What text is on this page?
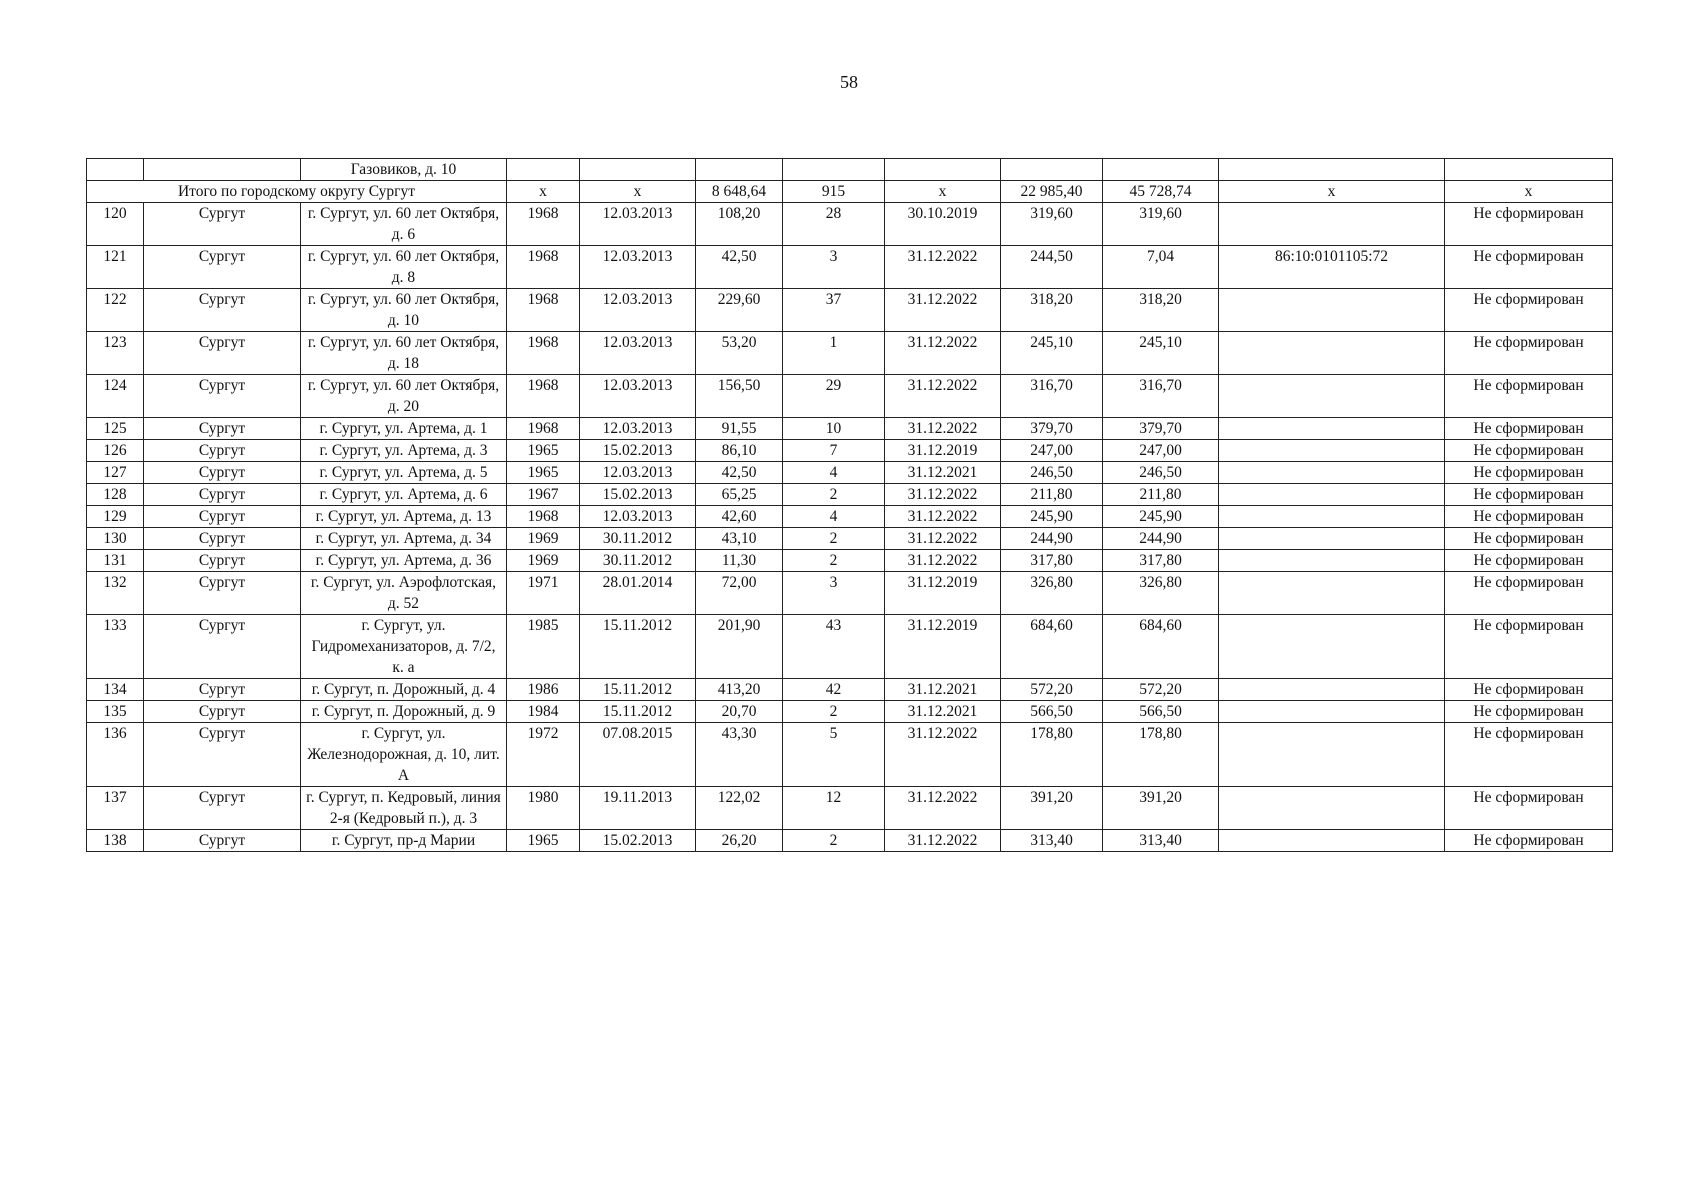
58
		Газовиков, д. 10									
Итого по городскому округу Сургут			х	х	8 648,64	915	х	22 985,40	45 728,74	х	х
120	Сургут	г. Сургут, ул. 60 лет Октября, д. 6	1968	12.03.2013	108,20	28	30.10.2019	319,60	319,60		Не сформирован
121	Сургут	г. Сургут, ул. 60 лет Октября, д. 8	1968	12.03.2013	42,50	3	31.12.2022	244,50	7,04	86:10:0101105:72	Не сформирован
122	Сургут	г. Сургут, ул. 60 лет Октября, д. 10	1968	12.03.2013	229,60	37	31.12.2022	318,20	318,20		Не сформирован
123	Сургут	г. Сургут, ул. 60 лет Октября, д. 18	1968	12.03.2013	53,20	1	31.12.2022	245,10	245,10		Не сформирован
124	Сургут	г. Сургут, ул. 60 лет Октября, д. 20	1968	12.03.2013	156,50	29	31.12.2022	316,70	316,70		Не сформирован
125	Сургут	г. Сургут, ул. Артема, д. 1	1968	12.03.2013	91,55	10	31.12.2022	379,70	379,70		Не сформирован
126	Сургут	г. Сургут, ул. Артема, д. 3	1965	15.02.2013	86,10	7	31.12.2019	247,00	247,00		Не сформирован
127	Сургут	г. Сургут, ул. Артема, д. 5	1965	12.03.2013	42,50	4	31.12.2021	246,50	246,50		Не сформирован
128	Сургут	г. Сургут, ул. Артема, д. 6	1967	15.02.2013	65,25	2	31.12.2022	211,80	211,80		Не сформирован
129	Сургут	г. Сургут, ул. Артема, д. 13	1968	12.03.2013	42,60	4	31.12.2022	245,90	245,90		Не сформирован
130	Сургут	г. Сургут, ул. Артема, д. 34	1969	30.11.2012	43,10	2	31.12.2022	244,90	244,90		Не сформирован
131	Сургут	г. Сургут, ул. Артема, д. 36	1969	30.11.2012	11,30	2	31.12.2022	317,80	317,80		Не сформирован
132	Сургут	г. Сургут, ул. Аэрофлотская, д. 52	1971	28.01.2014	72,00	3	31.12.2019	326,80	326,80		Не сформирован
133	Сургут	г. Сургут, ул. Гидромеханизаторов, д. 7/2, к. а	1985	15.11.2012	201,90	43	31.12.2019	684,60	684,60		Не сформирован
134	Сургут	г. Сургут, п. Дорожный, д. 4	1986	15.11.2012	413,20	42	31.12.2021	572,20	572,20		Не сформирован
135	Сургут	г. Сургут, п. Дорожный, д. 9	1984	15.11.2012	20,70	2	31.12.2021	566,50	566,50		Не сформирован
136	Сургут	г. Сургут, ул. Железнодорожная, д. 10, лит. А	1972	07.08.2015	43,30	5	31.12.2022	178,80	178,80		Не сформирован
137	Сургут	г. Сургут, п. Кедровый, линия 2-я (Кедровый п.), д. 3	1980	19.11.2013	122,02	12	31.12.2022	391,20	391,20		Не сформирован
138	Сургут	г. Сургут, пр-д Марии	1965	15.02.2013	26,20	2	31.12.2022	313,40	313,40		Не сформирован
